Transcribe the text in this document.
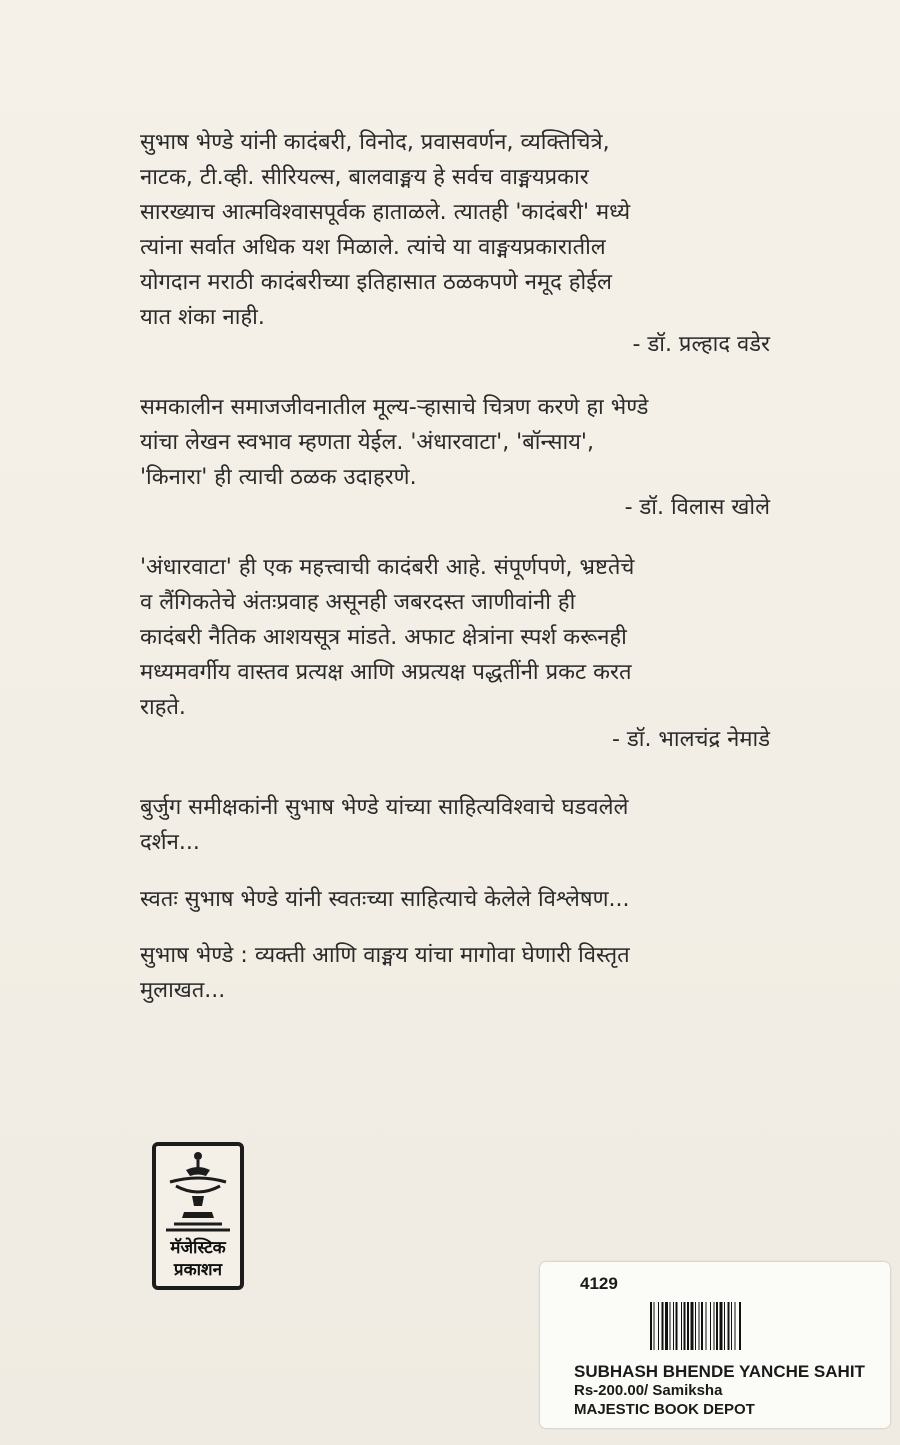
सुभाष भेण्डे यांनी कादंबरी, विनोद, प्रवासवर्णन, व्यक्तिचित्रे,
नाटक, टी.व्ही. सीरियल्स, बालवाङ्मय हे सर्वच वाङ्मयप्रकार
सारख्याच आत्मविश्वासपूर्वक हाताळले. त्यातही 'कादंबरी' मध्ये
त्यांना सर्वात अधिक यश मिळाले. त्यांचे या वाङ्मयप्रकारातील
योगदान मराठी कादंबरीच्या इतिहासात ठळकपणे नमूद होईल
यात शंका नाही.
- डॉ. प्रल्हाद वडेर
समकालीन समाजजीवनातील मूल्य-ऱ्हासाचे चित्रण करणे हा भेण्डे
यांचा लेखन स्वभाव म्हणता येईल. 'अंधारवाटा', 'बॉन्साय',
'किनारा' ही त्याची ठळक उदाहरणे.
- डॉ. विलास खोले
'अंधारवाटा' ही एक महत्त्वाची कादंबरी आहे. संपूर्णपणे, भ्रष्टतेचे
व लैंगिकतेचे अंतःप्रवाह असूनही जबरदस्त जाणीवांनी ही
कादंबरी नैतिक आशयसूत्र मांडते. अफाट क्षेत्रांना स्पर्श करूनही
मध्यमवर्गीय वास्तव प्रत्यक्ष आणि अप्रत्यक्ष पद्धतींनी प्रकट करत
राहते.
- डॉ. भालचंद्र नेमाडे
बुर्जुग समीक्षकांनी सुभाष भेण्डे यांच्या साहित्यविश्वाचे घडवलेले
दर्शन...
स्वतः सुभाष भेण्डे यांनी स्वतःच्या साहित्याचे केलेले विश्लेषण...
सुभाष भेण्डे : व्यक्ती आणि वाङ्मय यांचा मागोवा घेणारी विस्तृत
मुलाखत...
मॅजेस्टिक
प्रकाशन
4129
SUBHASH BHENDE YANCHE SAHIT
Rs-200.00/ Samiksha
MAJESTIC BOOK DEPOT
